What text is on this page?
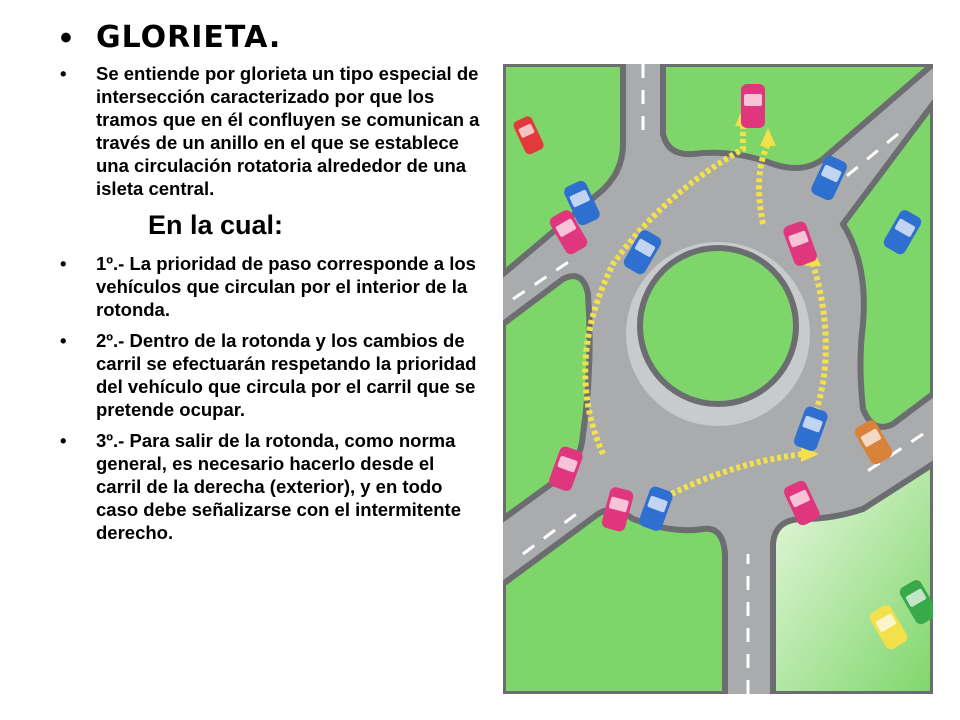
• GLORIETA.
•	Se entiende por glorieta un tipo especial de intersección caracterizado por que los tramos que en él confluyen se comunican a través de un anillo en el que se establece una circulación rotatoria alrededor de una isleta central.
En la cual:
•	1º.- La prioridad de paso corresponde a los vehículos que circulan por el interior de la rotonda.
•	2º.- Dentro de la rotonda y los cambios de carril se efectuarán respetando la prioridad del vehículo que circula por el carril que se pretende ocupar.
•	3º.- Para salir de la rotonda, como norma general, es necesario hacerlo desde el carril de la derecha (exterior), y en todo caso debe señalizarse con el intermitente derecho.
